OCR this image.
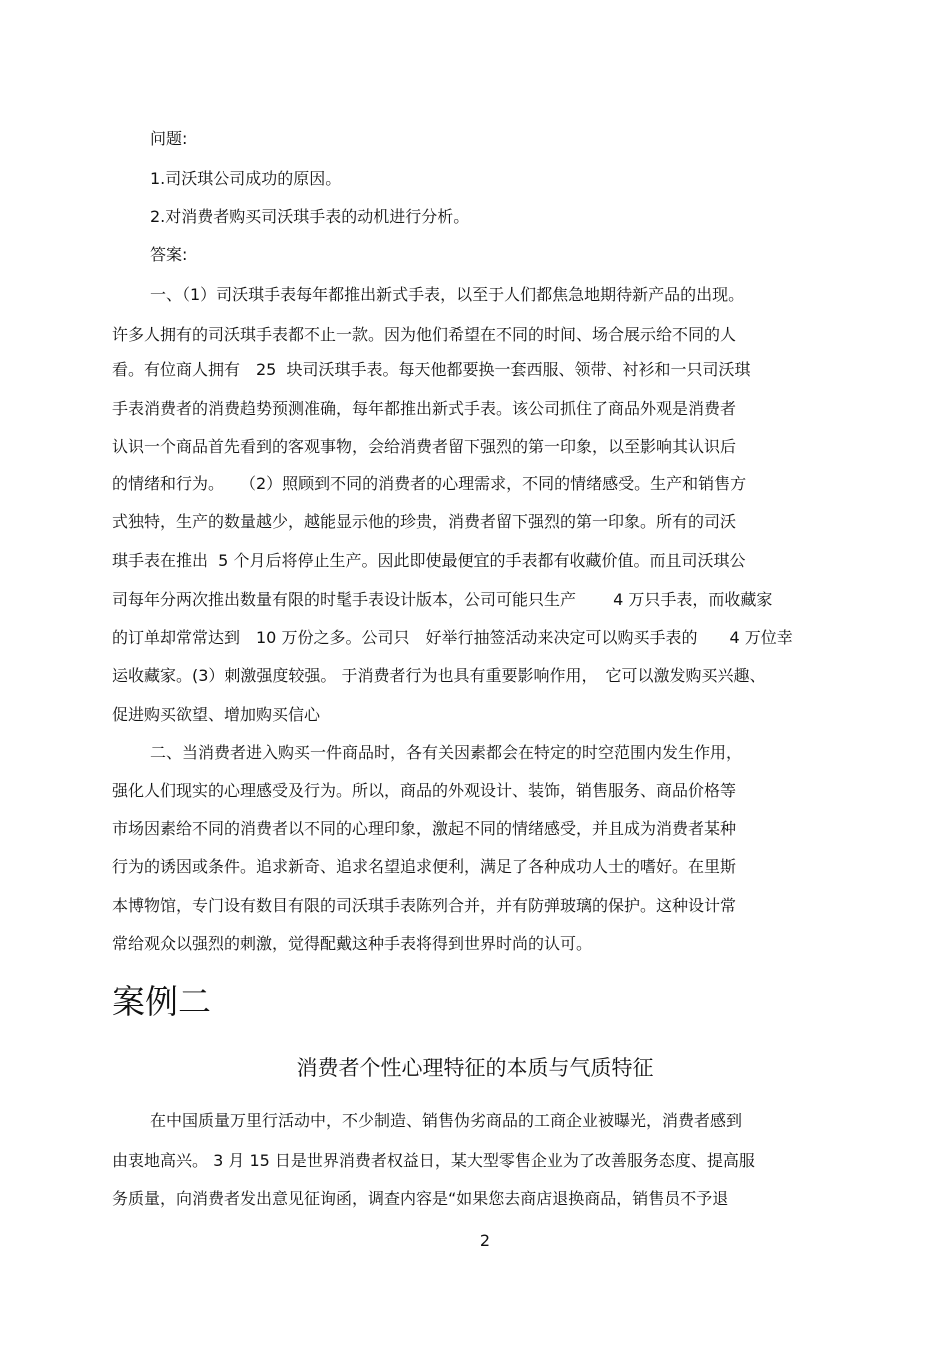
问题:
1.司沃琪公司成功的原因。
2.对消费者购买司沃琪手表的动机进行分析。
答案:
一、（1）司沃琪手表每年都推出新式手表，以至于人们都焦急地期待新产品的出现。
许多人拥有的司沃琪手表都不止一款。因为他们希望在不同的时间、场合展示给不同的人
看。有位商人拥有　25  块司沃琪手表。每天他都要换一套西服、领带、衬衫和一只司沃琪
手表消费者的消费趋势预测准确，每年都推出新式手表。该公司抓住了商品外观是消费者
认识一个商品首先看到的客观事物，会给消费者留下强烈的第一印象，以至影响其认识后
的情绪和行为。　　（2）照顾到不同的消费者的心理需求，不同的情绪感受。生产和销售方
式独特，生产的数量越少，越能显示他的珍贵，消费者留下强烈的第一印象。所有的司沃
琪手表在推出  5 个月后将停止生产。因此即使最便宜的手表都有收藏价值。而且司沃琪公
司每年分两次推出数量有限的时髦手表设计版本，公司可能只生产　　 4 万只手表，而收藏家
的订单却常常达到　10 万份之多。公司只　好举行抽签活动来决定可以购买手表的　　4 万位幸
运收藏家。(3）刺激强度较强。 于消费者行为也具有重要影响作用，　它可以激发购买兴趣、
促进购买欲望、增加购买信心
二、当消费者进入购买一件商品时，各有关因素都会在特定的时空范围内发生作用，
强化人们现实的心理感受及行为。所以，商品的外观设计、装饰，销售服务、商品价格等
市场因素给不同的消费者以不同的心理印象，激起不同的情绪感受，并且成为消费者某种
行为的诱因或条件。追求新奇、追求名望追求便利，满足了各种成功人士的嗜好。在里斯
本博物馆，专门设有数目有限的司沃琪手表陈列合并，并有防弹玻璃的保护。这种设计常
常给观众以强烈的刺激，觉得配戴这种手表将得到世界时尚的认可。
案例二
消费者个性心理特征的本质与气质特征
在中国质量万里行活动中，不少制造、销售伪劣商品的工商企业被曝光，消费者感到
由衷地高兴。 3 月 15 日是世界消费者权益日，某大型零售企业为了改善服务态度、提高服
务质量，向消费者发出意见征询函，调查内容是“如果您去商店退换商品，销售员不予退
2
